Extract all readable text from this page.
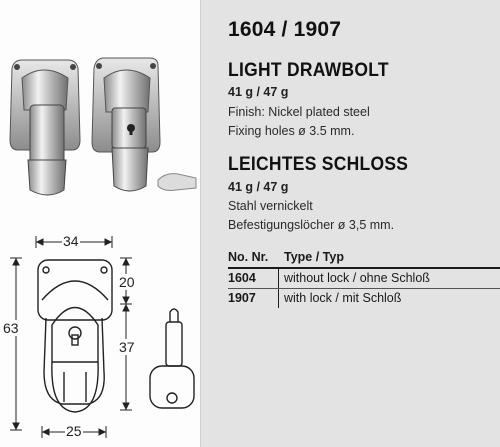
34
63
20
37
25
1604 / 1907
LIGHT DRAWBOLT
41 g / 47 g
Finish: Nickel plated steel
Fixing holes ø 3.5 mm.
LEICHTES SCHLOSS
41 g / 47 g
Stahl vernickelt
Befestigungslöcher ø 3,5 mm.
No. Nr.	Type / Typ
1604	without lock / ohne Schloß
1907	with lock / mit Schloß
